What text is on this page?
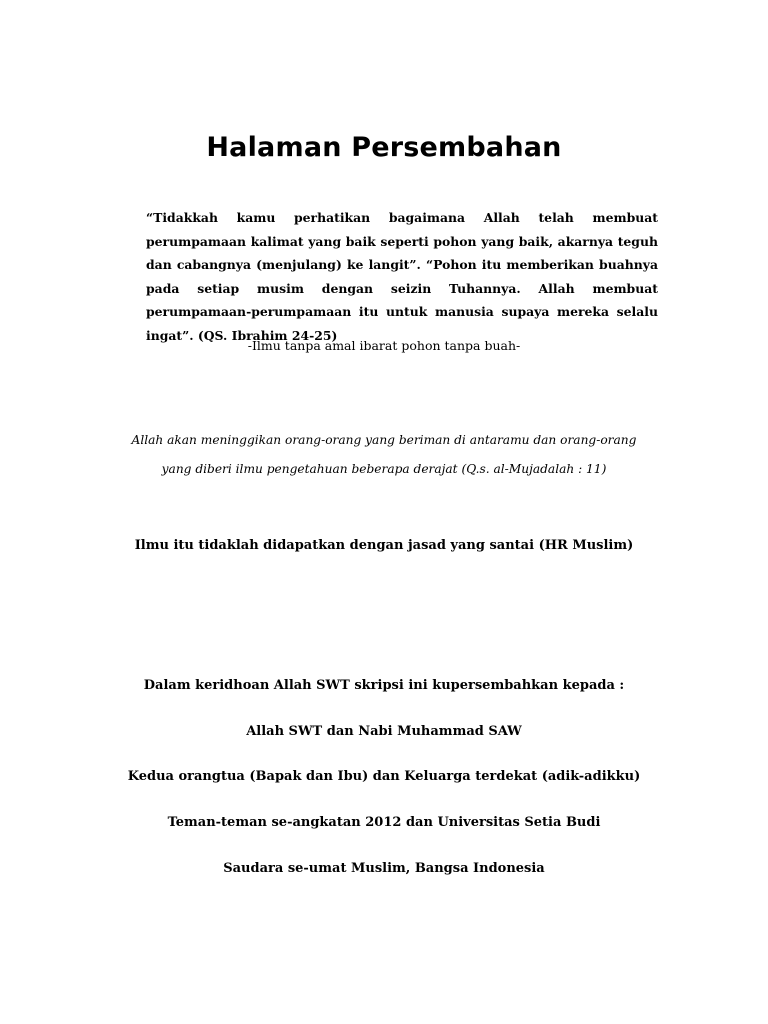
Halaman Persembahan

“Tidakkah kamu perhatikan bagaimana Allah telah membuat perumpamaan kalimat yang baik seperti pohon yang baik, akarnya teguh dan cabangnya (menjulang) ke langit”. “Pohon itu memberikan buahnya pada setiap musim dengan seizin Tuhannya. Allah membuat perumpamaan-perumpamaan itu untuk manusia supaya mereka selalu ingat”. (QS. Ibrahim 24-25)

-Ilmu tanpa amal ibarat pohon tanpa buah-

Allah akan meninggikan orang-orang yang beriman di antaramu dan orang-orang
yang diberi ilmu pengetahuan beberapa derajat (Q.s. al-Mujadalah : 11)

Ilmu itu tidaklah didapatkan dengan jasad yang santai (HR Muslim)

Dalam keridhoan Allah SWT skripsi ini kupersembahkan kepada :

Allah SWT dan Nabi Muhammad SAW

Kedua orangtua (Bapak dan Ibu) dan Keluarga terdekat (adik-adikku)

Teman-teman se-angkatan 2012 dan Universitas Setia Budi

Saudara se-umat Muslim, Bangsa Indonesia
